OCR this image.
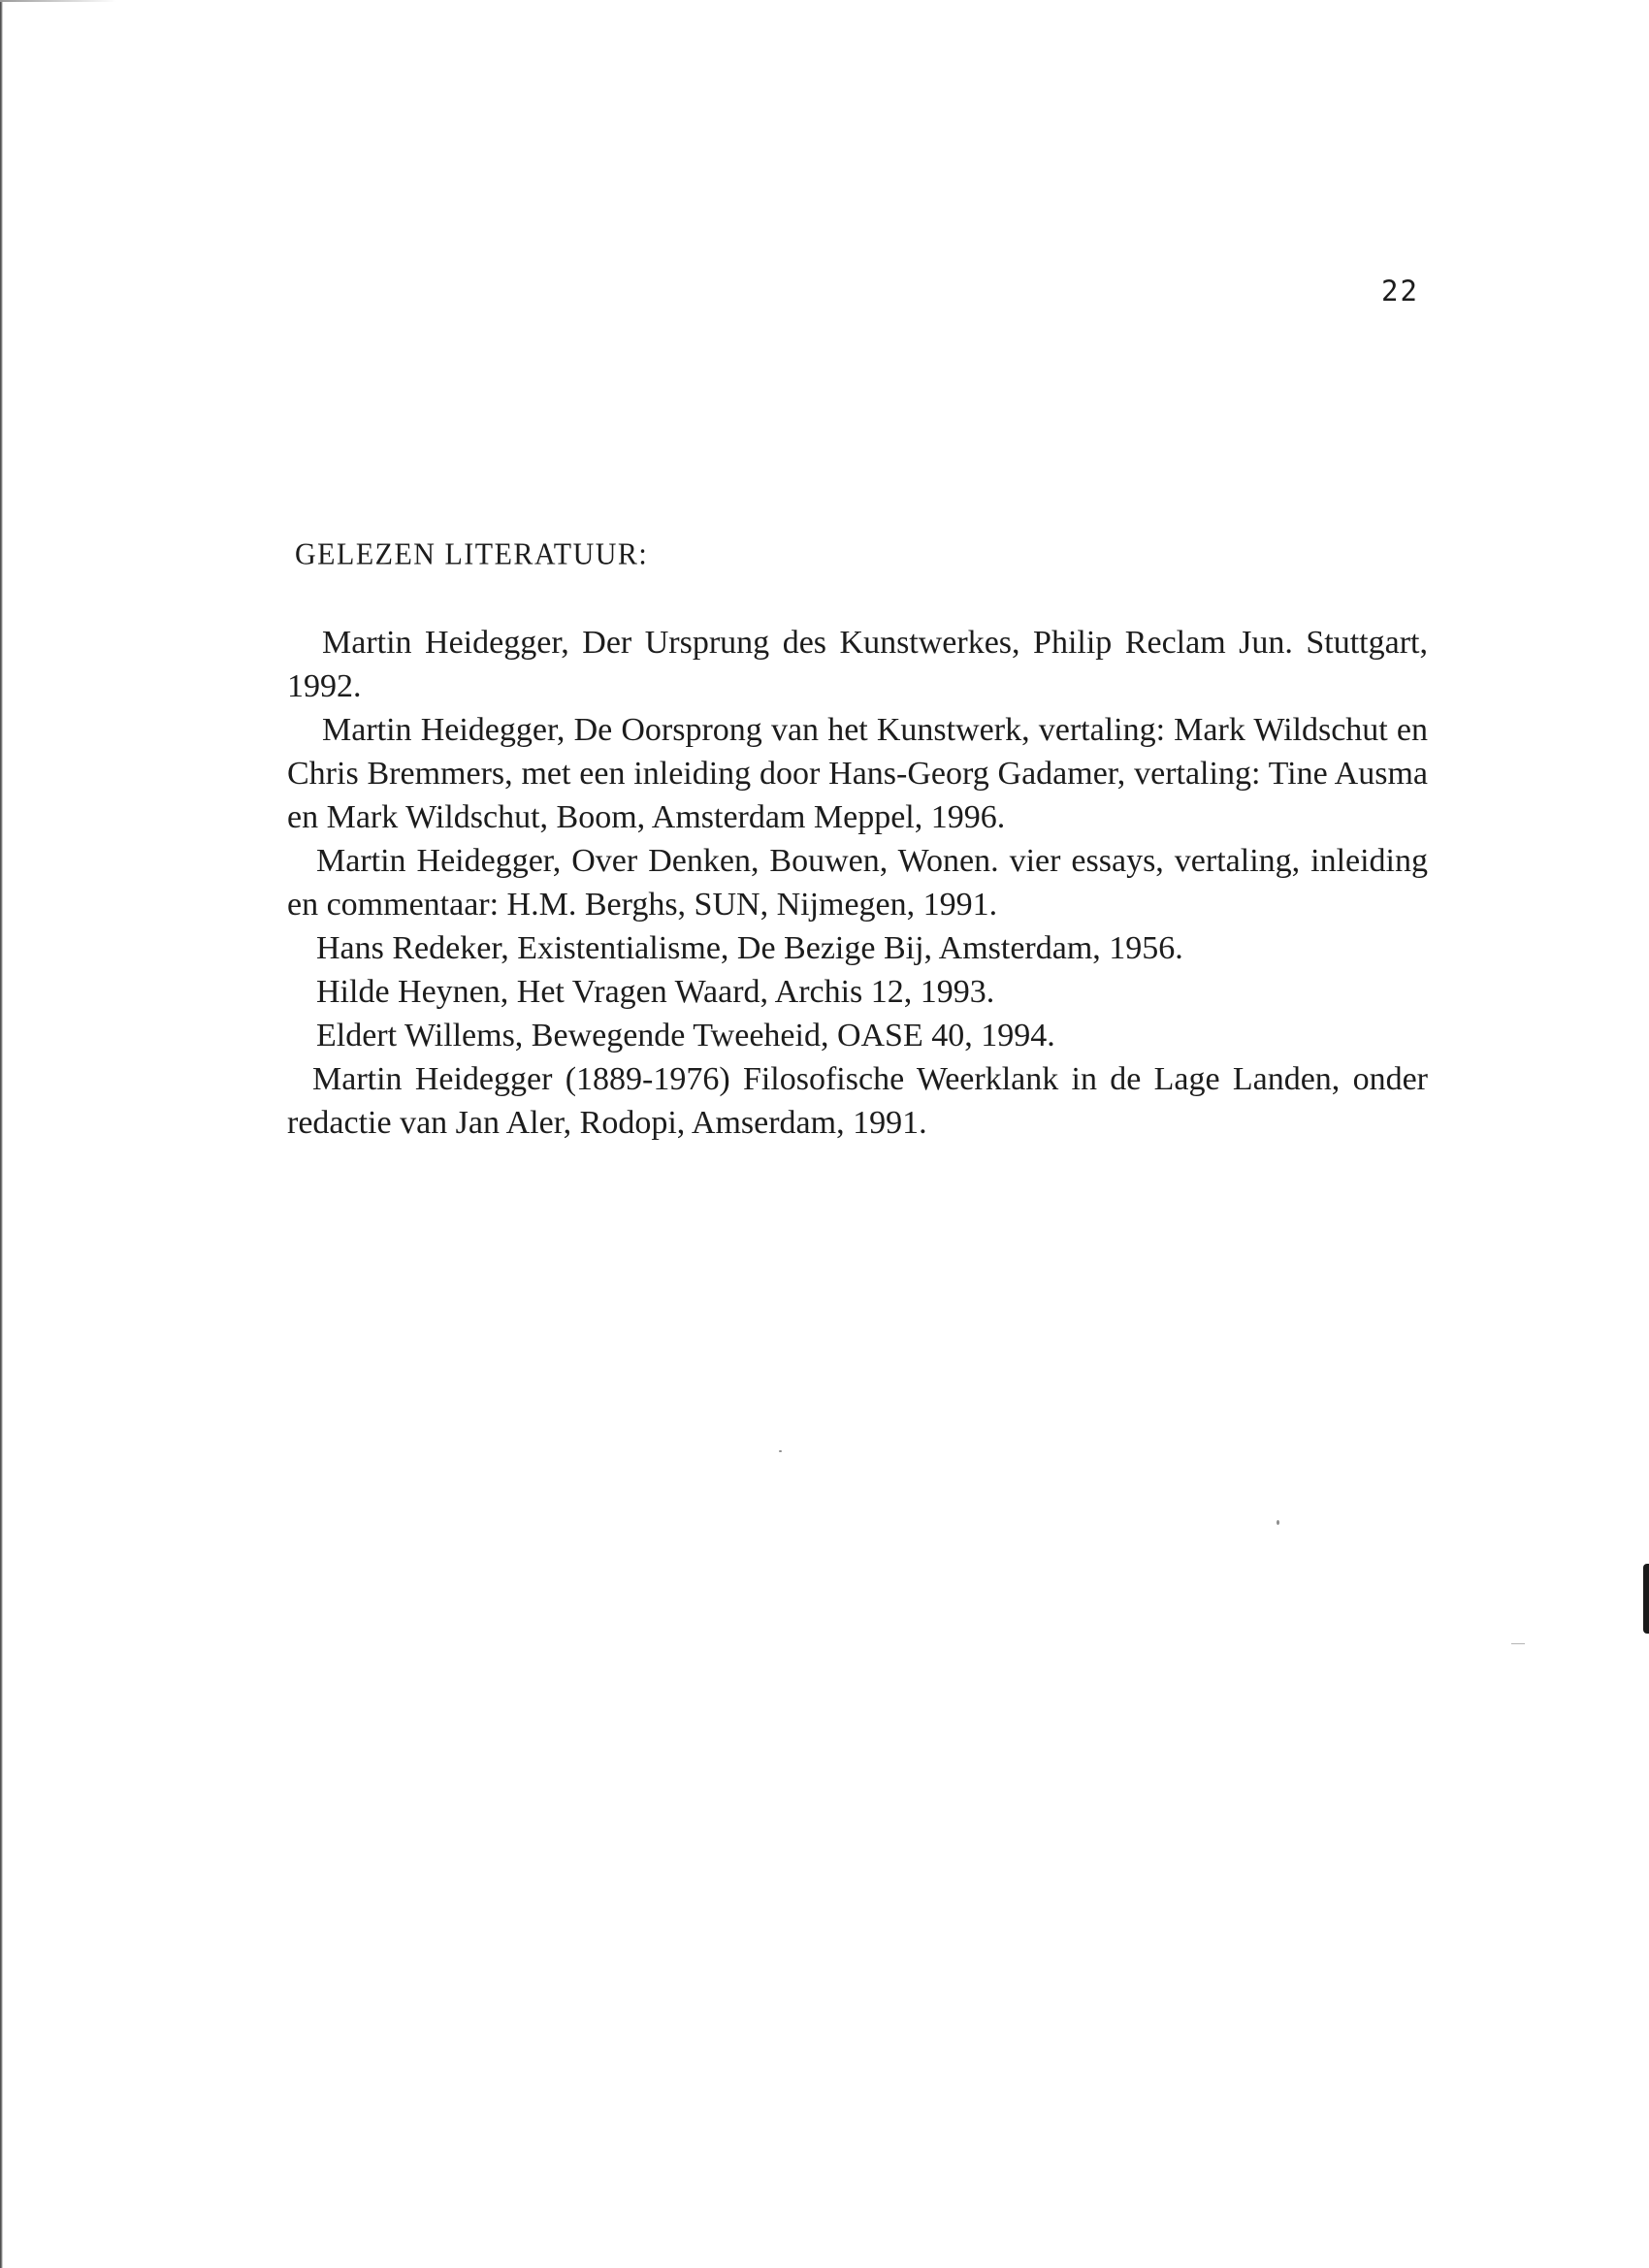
22
GELEZEN LITERATUUR:

Martin Heidegger, Der Ursprung des Kunstwerkes, Philip Reclam Jun. Stuttgart, 1992.

Martin Heidegger, De Oorsprong van het Kunstwerk, vertaling: Mark Wildschut en Chris Bremmers, met een inleiding door Hans-Georg Gadamer, vertaling: Tine Ausma en Mark Wildschut, Boom, Amsterdam Meppel, 1996.

Martin Heidegger, Over Denken, Bouwen, Wonen. vier essays, vertaling, inleiding en commentaar: H.M. Berghs, SUN, Nijmegen, 1991.

Hans Redeker, Existentialisme, De Bezige Bij, Amsterdam, 1956.

Hilde Heynen, Het Vragen Waard, Archis 12, 1993.

Eldert Willems, Bewegende Tweeheid, OASE 40, 1994.

Martin Heidegger (1889-1976) Filosofische Weerklank in de Lage Landen, onder redactie van Jan Aler, Rodopi, Amserdam, 1991.
